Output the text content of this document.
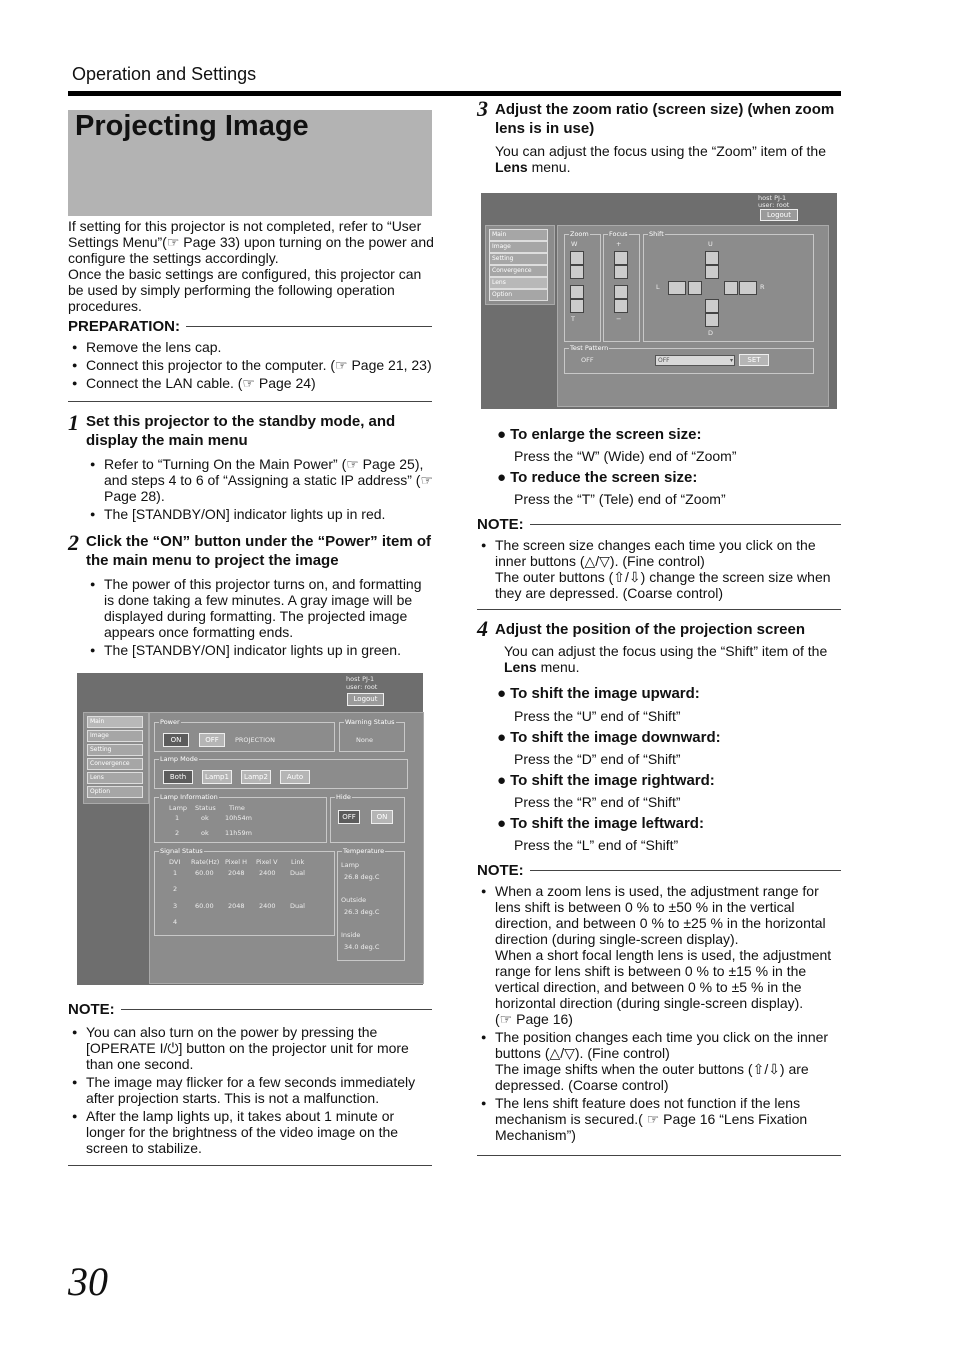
Operation and Settings
Projecting Image
If setting for this projector is not completed, refer to “User Settings Menu”(☞ Page 33) upon turning on the power and configure the settings accordingly.
Once the basic settings are configured, this projector can be used by simply performing the following operation procedures.
PREPARATION:
● Remove the lens cap.
● Connect this projector to the computer. (☞ Page 21, 23)
● Connect the LAN cable. (☞ Page 24)
1 Set this projector to the standby mode, and display the main menu
● Refer to “Turning On the Main Power” (☞ Page 25), and steps 4 to 6 of “Assigning a static IP address” (☞ Page 28).
● The [STANDBY/ON] indicator lights up in red.
2 Click the “ON” button under the “Power” item of the main menu to project the image
● The power of this projector turns on, and formatting is done taking a few minutes. A gray image will be displayed during formatting. The projected image appears once formatting ends.
● The [STANDBY/ON] indicator lights up in green.
host PJ-1
user: root
Logout
Main
Image
Setting
Convergence
Lens
Option
Power
ON	OFF	PROJECTION
Warning Status
None
Lamp Mode
Both	Lamp1	Lamp2	Auto
Lamp Information
Lamp Status Time
1	ok	10h54m
2	ok	11h59m
Hide
OFF	ON
Signal Status
DVI Rate(Hz) Pixel H Pixel V Link
1	60.00 2048 2400 Dual
2
3	60.00 2048 2400 Dual
4
Temperature
Lamp
26.8 deg.C
Outside
26.3 deg.C
Inside
34.0 deg.C
NOTE:
● You can also turn on the power by pressing the [OPERATE I/⏻] button on the projector unit for more than one second.
● The image may flicker for a few seconds immediately after projection starts. This is not a malfunction.
● After the lamp lights up, it takes about 1 minute or longer for the brightness of the video image on the screen to stabilize.
3 Adjust the zoom ratio (screen size) (when zoom lens is in use)
You can adjust the focus using the “Zoom” item of the Lens menu.
host PJ-1
user: root
Logout
Main
Image
Setting
Convergence
Lens
Option
Zoom
W
T
Focus
+
−
Shift
U
L	R
D
Test Pattern
OFF	OFF	▾	SET
● To enlarge the screen size:
Press the “W” (Wide) end of “Zoom”
● To reduce the screen size:
Press the “T” (Tele) end of “Zoom”
NOTE:
● The screen size changes each time you click on the inner buttons (△/▽). (Fine control)
The outer buttons (⇧/⇩) change the screen size when they are depressed. (Coarse control)
4 Adjust the position of the projection screen
You can adjust the focus using the “Shift” item of the Lens menu.
● To shift the image upward:
Press the “U” end of “Shift”
● To shift the image downward:
Press the “D” end of “Shift”
● To shift the image rightward:
Press the “R” end of “Shift”
● To shift the image leftward:
Press the “L” end of “Shift”
NOTE:
● When a zoom lens is used, the adjustment range for lens shift is between 0 % to ±50 % in the vertical direction, and between 0 % to ±25 % in the horizontal direction (during single-screen display).
When a short focal length lens is used, the adjustment range for lens shift is between 0 % to ±15 % in the vertical direction, and between 0 % to ±5 % in the horizontal direction (during single-screen display).
(☞ Page 16)
● The position changes each time you click on the inner buttons (△/▽). (Fine control)
The image shifts when the outer buttons (⇧/⇩) are depressed. (Coarse control)
● The lens shift feature does not function if the lens mechanism is secured.( ☞ Page 16 “Lens Fixation Mechanism”)
30
